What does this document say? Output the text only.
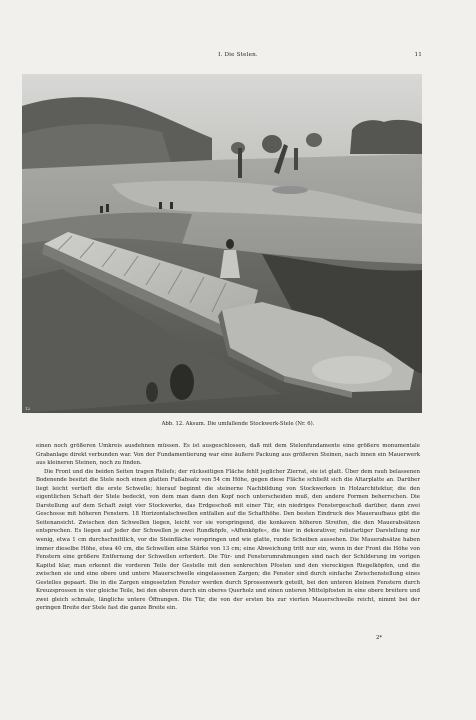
I. Die Stelen.	11
12
Abb. 12. Aksum. Die umfallende Stockwerk-Stele (Nr. 6).

einen noch größeren Umkreis ausdehnen müssen. Es ist ausgeschlossen, daß mit dem Stelenfundamente eine größere monumentale Grabanlage direkt verbunden war. Von der Fundamentierung war eine äußere Packung aus größeren Steinen, nach innen ein Mauerwerk aus kleineren Steinen, noch zu finden.

Die Front und die beiden Seiten tragen Reliefs; der rückseitigen Fläche fehlt jeglicher Zierrat, sie ist glatt. Über dem rauh belassenen Bodenende besitzt die Stele noch einen glatten Fußabsatz von 54 cm Höhe, gegen diese Fläche schließt sich die Altarplatte an. Darüber liegt leicht vertieft die erste Schwelle; hierauf beginnt die steinerne Nachbildung von Stockwerken in Holzarchitektur, die den eigentlichen Schaft der Stele bedeckt, von dem man dann den Kopf noch unterscheiden muß, den andere Formen beherrschen. Die Darstellung auf dem Schaft zeigt vier Stockwerke, das Erdgeschoß mit einer Tür, ein niedriges Fenstergeschoß darüber, dann zwei Geschosse mit höheren Fenstern. 18 Horizontalschwellen entfallen auf die Schafthöhe. Den besten Eindruck des Maueraufbaus gibt die Seitenansicht. Zwischen den Schwellen liegen, leicht vor sie vorspringend, die konkaven höheren Streifen, die den Mauerabsätzen entsprechen. Es liegen auf jeder der Schwellen je zwei Rundköpfe, »Affenköpfe«, die hier in dekorativer, reliefartiger Darstellung nur wenig, etwa 1 cm durchschnittlich, vor die Steinfläche vorspringen und wie glatte, runde Scheiben aussehen. Die Mauerabsätze haben immer dieselbe Höhe, etwa 40 cm, die Schwellen eine Stärke von 13 cm; eine Abweichung tritt nur ein, wenn in der Front die Höhe von Fenstern eine größere Entfernung der Schwellen erfordert. Die Tür- und Fensterumrahmungen sind nach der Schilderung im vorigen Kapitel klar, man erkennt die vorderen Teile der Gestelle mit den senkrechten Pfosten und den viereckigen Riegelköpfen, und die zwischen sie und eine obere und untere Mauerschwelle eingelassenen Zargen; die Fenster sind durch einfache Zwischenstellung eines Gestelles gepaart. Die in die Zargen eingesetzten Fenster werden durch Sprossenwerk geteilt, bei den unteren kleinen Fenstern durch Kreuzsprossen in vier gleiche Teile, bei den oberen durch ein oberes Querholz und einen unteren Mittelpfosten in eine obere breitere und zwei gleich schmale, längliche untere Öffnungen. Die Tür, die von der ersten bis zur vierten Mauerschwelle reicht, nimmt bei der geringen Breite der Stele fast die ganze Breite ein.

2*
